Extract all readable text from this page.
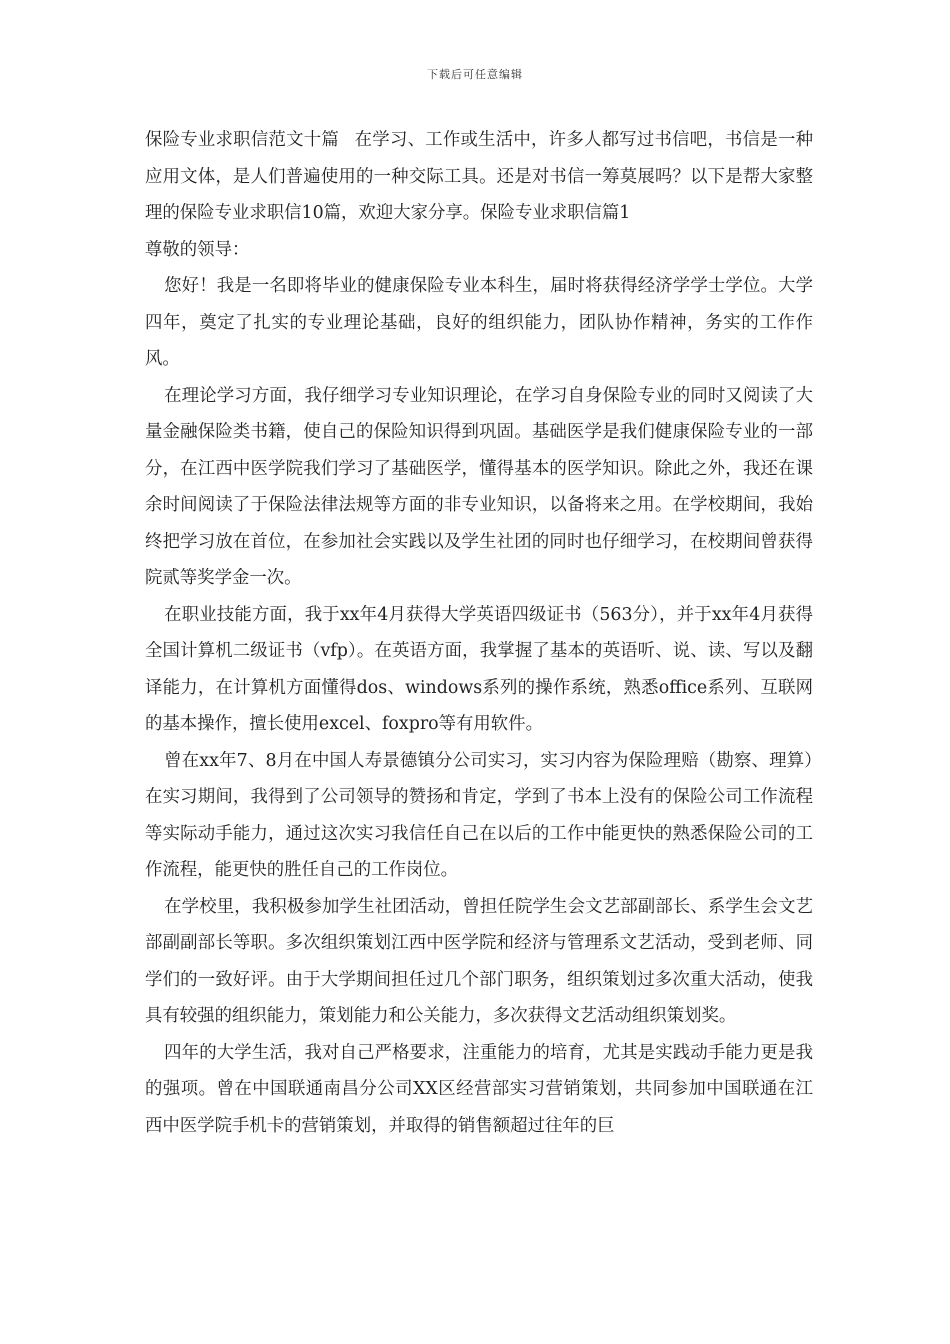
下载后可任意编辑

保险专业求职信范文十篇 在学习、工作或生活中，许多人都写过书信吧，书信是一种应用文体，是人们普遍使用的一种交际工具。还是对书信一筹莫展吗？以下是帮大家整理的保险专业求职信10篇，欢迎大家分享。保险专业求职信篇1

尊敬的领导：

您好！我是一名即将毕业的健康保险专业本科生，届时将获得经济学学士学位。大学四年，奠定了扎实的专业理论基础，良好的组织能力，团队协作精神，务实的工作作风。

在理论学习方面，我仔细学习专业知识理论，在学习自身保险专业的同时又阅读了大量金融保险类书籍，使自己的保险知识得到巩固。基础医学是我们健康保险专业的一部分，在江西中医学院我们学习了基础医学，懂得基本的医学知识。除此之外，我还在课余时间阅读了于保险法律法规等方面的非专业知识，以备将来之用。在学校期间，我始终把学习放在首位，在参加社会实践以及学生社团的同时也仔细学习，在校期间曾获得院贰等奖学金一次。

在职业技能方面，我于xx年4月获得大学英语四级证书（563分），并于xx年4月获得全国计算机二级证书（vfp）。在英语方面，我掌握了基本的英语听、说、读、写以及翻译能力，在计算机方面懂得dos、windows系列的操作系统，熟悉office系列、互联网的基本操作，擅长使用excel、foxpro等有用软件。

曾在xx年7、8月在中国人寿景德镇分公司实习，实习内容为保险理赔（勘察、理算）在实习期间，我得到了公司领导的赞扬和肯定，学到了书本上没有的保险公司工作流程等实际动手能力，通过这次实习我信任自己在以后的工作中能更快的熟悉保险公司的工作流程，能更快的胜任自己的工作岗位。

在学校里，我积极参加学生社团活动，曾担任院学生会文艺部副部长、系学生会文艺部副副部长等职。多次组织策划江西中医学院和经济与管理系文艺活动，受到老师、同学们的一致好评。由于大学期间担任过几个部门职务，组织策划过多次重大活动，使我具有较强的组织能力，策划能力和公关能力，多次获得文艺活动组织策划奖。

四年的大学生活，我对自己严格要求，注重能力的培育，尤其是实践动手能力更是我的强项。曾在中国联通南昌分公司XX区经营部实习营销策划，共同参加中国联通在江西中医学院手机卡的营销策划，并取得的销售额超过往年的巨
